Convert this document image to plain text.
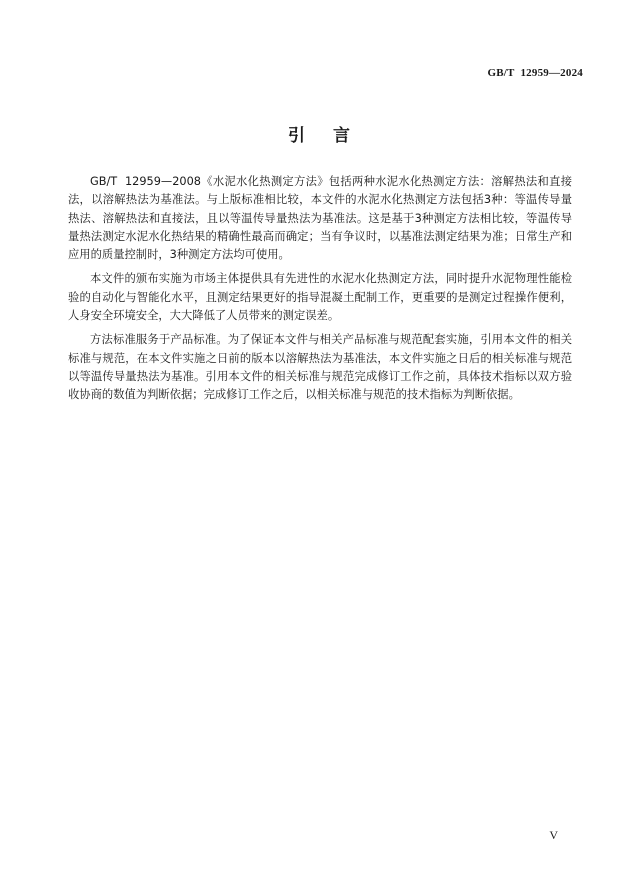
GB/T  12959—2024
引言

GB/T  12959—2008《水泥水化热测定方法》包括两种水泥水化热测定方法：溶解热法和直接法，以溶解热法为基准法。与上版标准相比较，本文件的水泥水化热测定方法包括3种：等温传导量热法、溶解热法和直接法，且以等温传导量热法为基准法。这是基于3种测定方法相比较，等温传导量热法测定水泥水化热结果的精确性最高而确定；当有争议时，以基准法测定结果为准；日常生产和应用的质量控制时，3种测定方法均可使用。

本文件的颁布实施为市场主体提供具有先进性的水泥水化热测定方法，同时提升水泥物理性能检验的自动化与智能化水平，且测定结果更好的指导混凝土配制工作，更重要的是测定过程操作便利，人身安全环境安全，大大降低了人员带来的测定误差。

方法标准服务于产品标准。为了保证本文件与相关产品标准与规范配套实施，引用本文件的相关标准与规范，在本文件实施之日前的版本以溶解热法为基准法，本文件实施之日后的相关标准与规范以等温传导量热法为基准。引用本文件的相关标准与规范完成修订工作之前，具体技术指标以双方验收协商的数值为判断依据；完成修订工作之后，以相关标准与规范的技术指标为判断依据。

V
